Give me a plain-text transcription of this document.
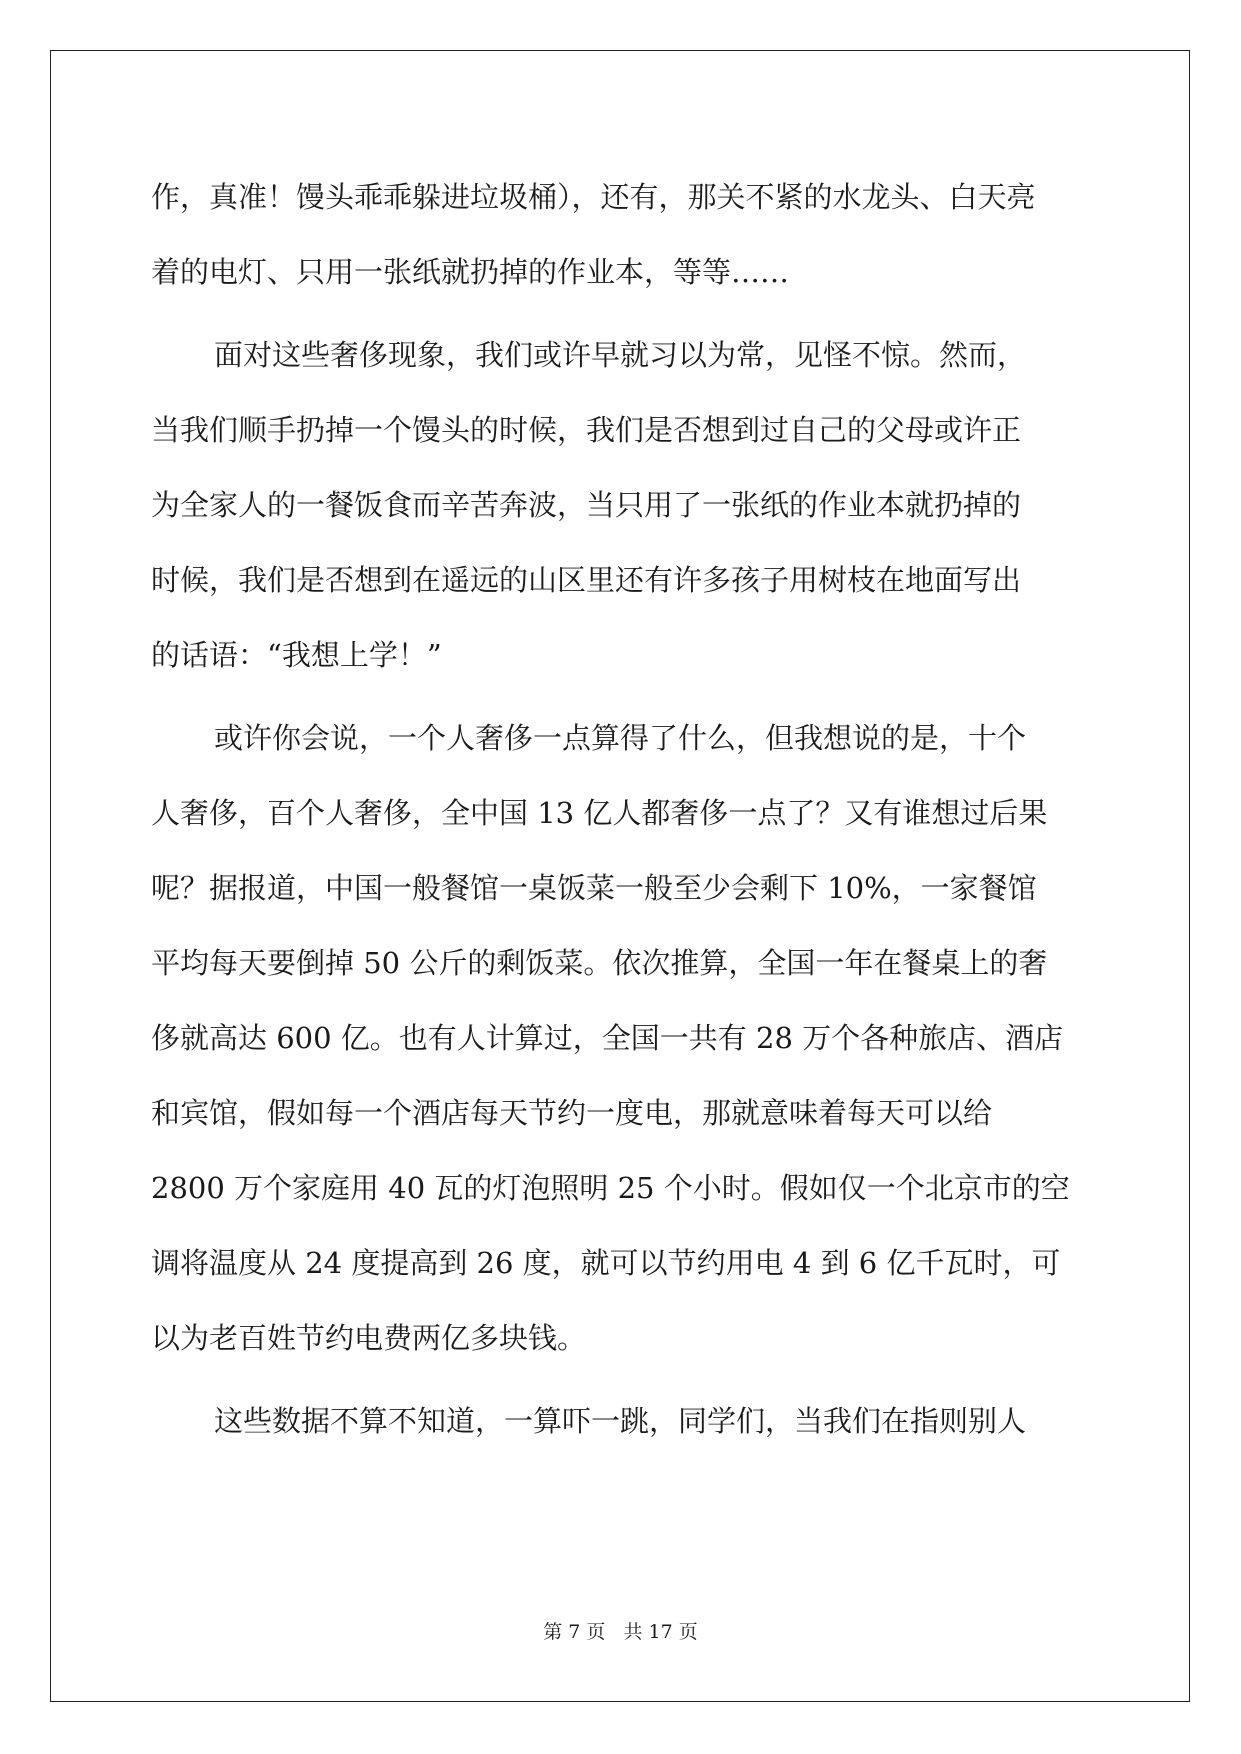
作，真准！馒头乖乖躲进垃圾桶），还有，那关不紧的水龙头、白天亮
着的电灯、只用一张纸就扔掉的作业本，等等……
面对这些奢侈现象，我们或许早就习以为常，见怪不惊。然而，
当我们顺手扔掉一个馒头的时候，我们是否想到过自己的父母或许正
为全家人的一餐饭食而辛苦奔波，当只用了一张纸的作业本就扔掉的
时候，我们是否想到在遥远的山区里还有许多孩子用树枝在地面写出
的话语：“我想上学！”
或许你会说，一个人奢侈一点算得了什么，但我想说的是，十个
人奢侈，百个人奢侈，全中国 13 亿人都奢侈一点了？又有谁想过后果
呢？据报道，中国一般餐馆一桌饭菜一般至少会剩下 10%，一家餐馆
平均每天要倒掉 50 公斤的剩饭菜。依次推算，全国一年在餐桌上的奢
侈就高达 600 亿。也有人计算过，全国一共有 28 万个各种旅店、酒店
和宾馆，假如每一个酒店每天节约一度电，那就意味着每天可以给
2800 万个家庭用 40 瓦的灯泡照明 25 个小时。假如仅一个北京市的空
调将温度从 24 度提高到 26 度，就可以节约用电 4 到 6 亿千瓦时，可
以为老百姓节约电费两亿多块钱。
这些数据不算不知道，一算吓一跳，同学们，当我们在指则别人
第 7 页 共 17 页
